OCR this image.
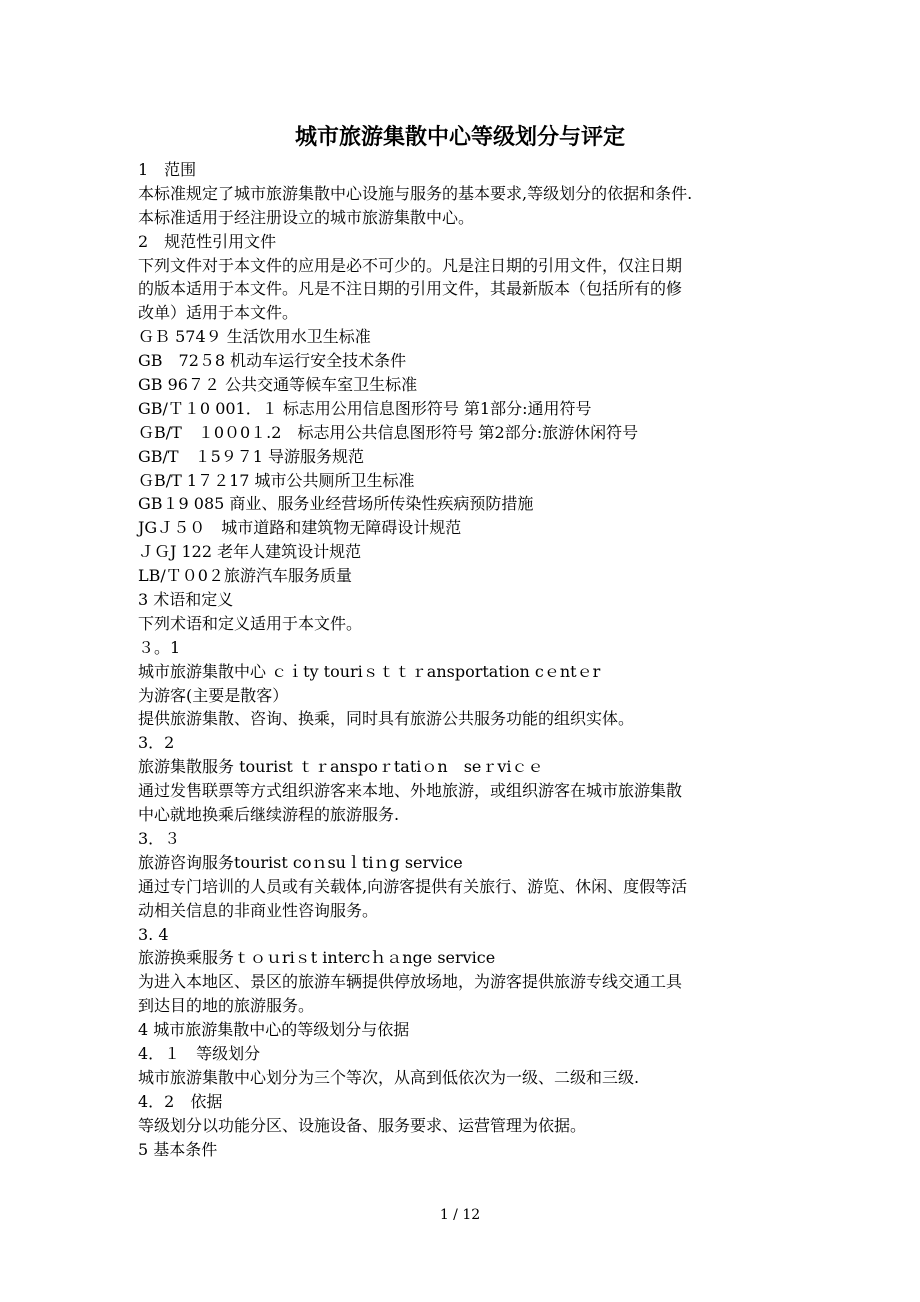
城市旅游集散中心等级划分与评定
1　范围
本标准规定了城市旅游集散中心设施与服务的基本要求,等级划分的依据和条件.
本标准适用于经注册设立的城市旅游集散中心。
2　规范性引用文件
下列文件对于本文件的应用是必不可少的。凡是注日期的引用文件，仅注日期
的版本适用于本文件。凡是不注日期的引用文件，其最新版本（包括所有的修
改单）适用于本文件。
ＧＢ 574９ 生活饮用水卫生标准
GB　72５8 机动车运行安全技术条件
GB 96７２ 公共交通等候车室卫生标准
GB/Ｔ１0 001．１ 标志用公用信息图形符号 第1部分:通用符号
ＧB/T　１0０0１.2　标志用公共信息图形符号 第2部分:旅游休闲符号
GB/T　１5９７1 导游服务规范
ＧB/T 1７２17 城市公共厕所卫生标准
GB１9 085 商业、服务业经营场所传染性疾病预防措施
JGＪ５０　城市道路和建筑物无障碍设计规范
ＪＧJ 122 老年人建筑设计规范
LB/Ｔ０0２旅游汽车服务质量
3 术语和定义
下列术语和定义适用于本文件。
３。1
城市旅游集散中心 ｃｉty touriｓｔｔｒansportation cｅntｅr
为游客(主要是散客）
提供旅游集散、咨询、换乘，同时具有旅游公共服务功能的组织实体。
3．2
旅游集散服务 tourist ｔｒanspoｒtatiｏn　seｒviｃｅ
通过发售联票等方式组织游客来本地、外地旅游，或组织游客在城市旅游集散
中心就地换乘后继续游程的旅游服务.
3．３
旅游咨询服务tourist coｎsuｌtiｎg service
通过专门培训的人员或有关载体,向游客提供有关旅行、游览、休闲、度假等活
动相关信息的非商业性咨询服务。
3. 4
旅游换乘服务ｔｏｕriｓt intercｈａnge service
为进入本地区、景区的旅游车辆提供停放场地，为游客提供旅游专线交通工具
到达目的地的旅游服务。
4 城市旅游集散中心的等级划分与依据
4．１　等级划分
城市旅游集散中心划分为三个等次，从高到低依次为一级、二级和三级.
4．2　依据
等级划分以功能分区、设施设备、服务要求、运营管理为依据。
5 基本条件
1 / 12
